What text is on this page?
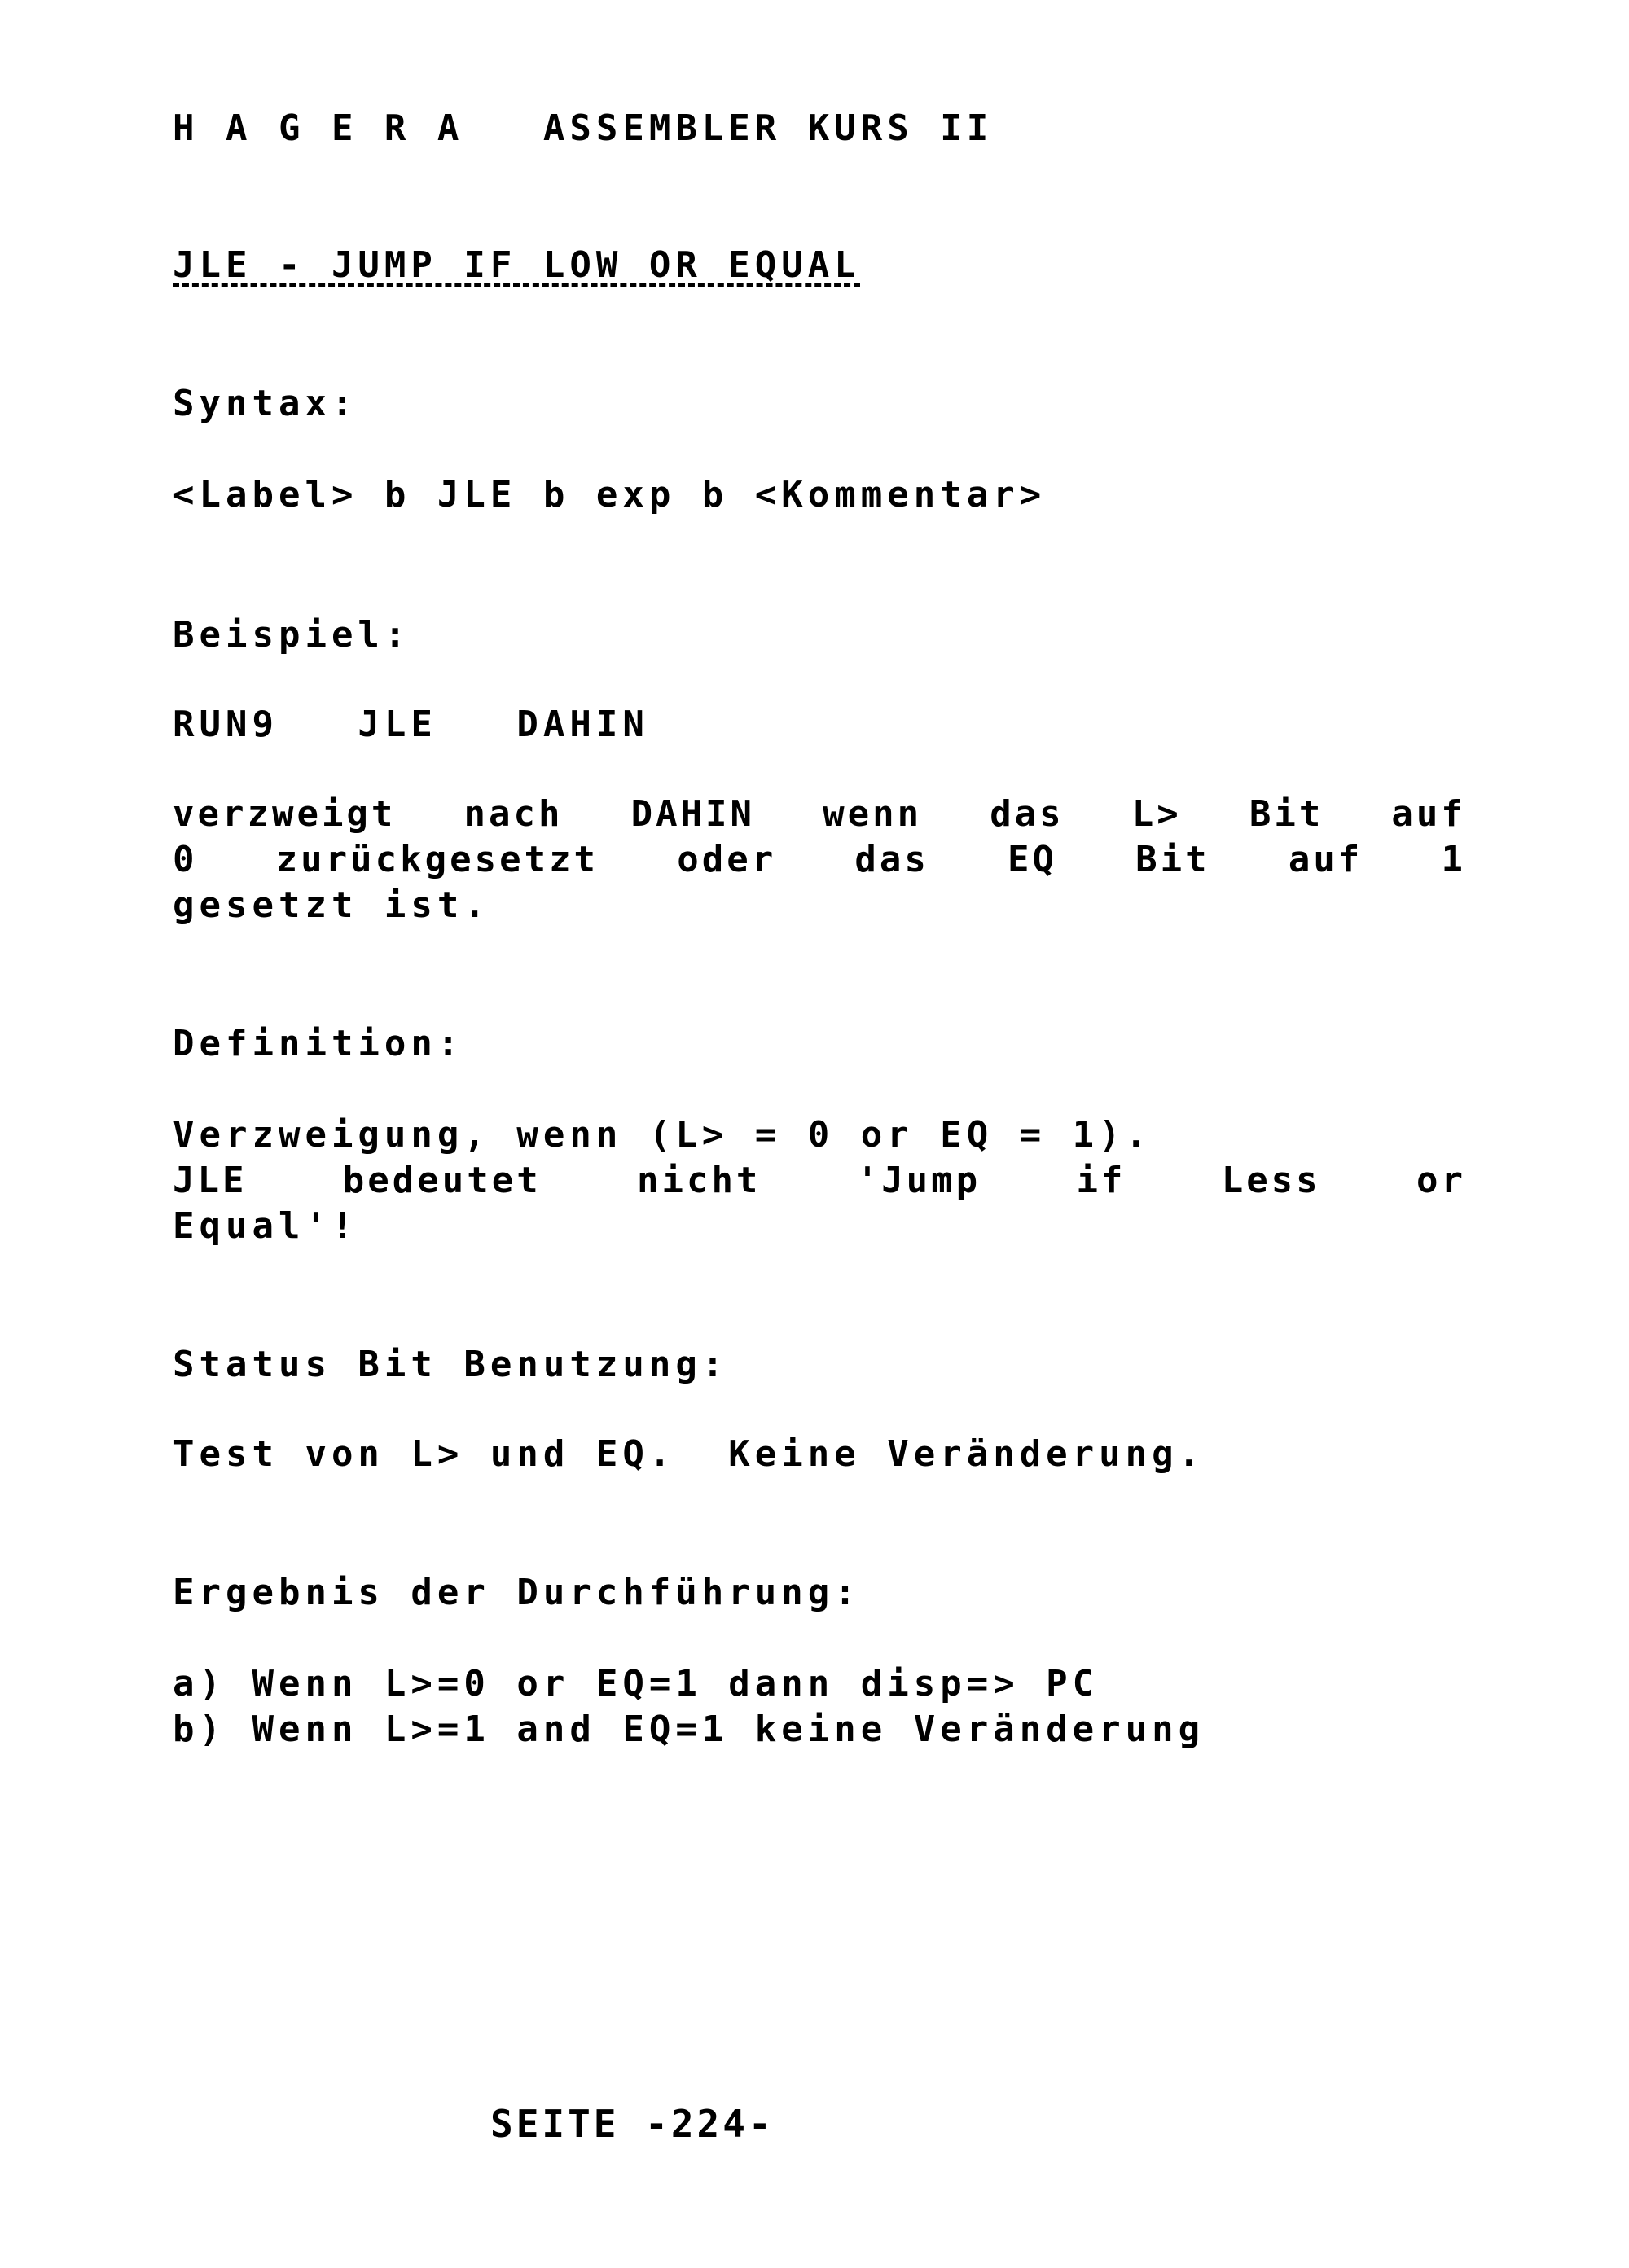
H A G E R A   ASSEMBLER KURS II

JLE - JUMP IF LOW OR EQUAL

Syntax:

<Label> b JLE b exp b <Kommentar>

Beispiel:

RUN9   JLE   DAHIN

verzweigt nach DAHIN wenn das L> Bit auf
0 zurückgesetzt oder das EQ Bit auf 1

gesetzt ist.

Definition:

Verzweigung, wenn (L> = 0 or EQ = 1).

JLE	bedeutet	nicht	'Jump	if	Less	or

Equal'!

Status Bit Benutzung:

Test von L> und EQ.  Keine Veränderung.

Ergebnis der Durchführung:

a) Wenn L>=0 or EQ=1 dann disp=> PC

b) Wenn L>=1 and EQ=1 keine Veränderung

SEITE -224-
